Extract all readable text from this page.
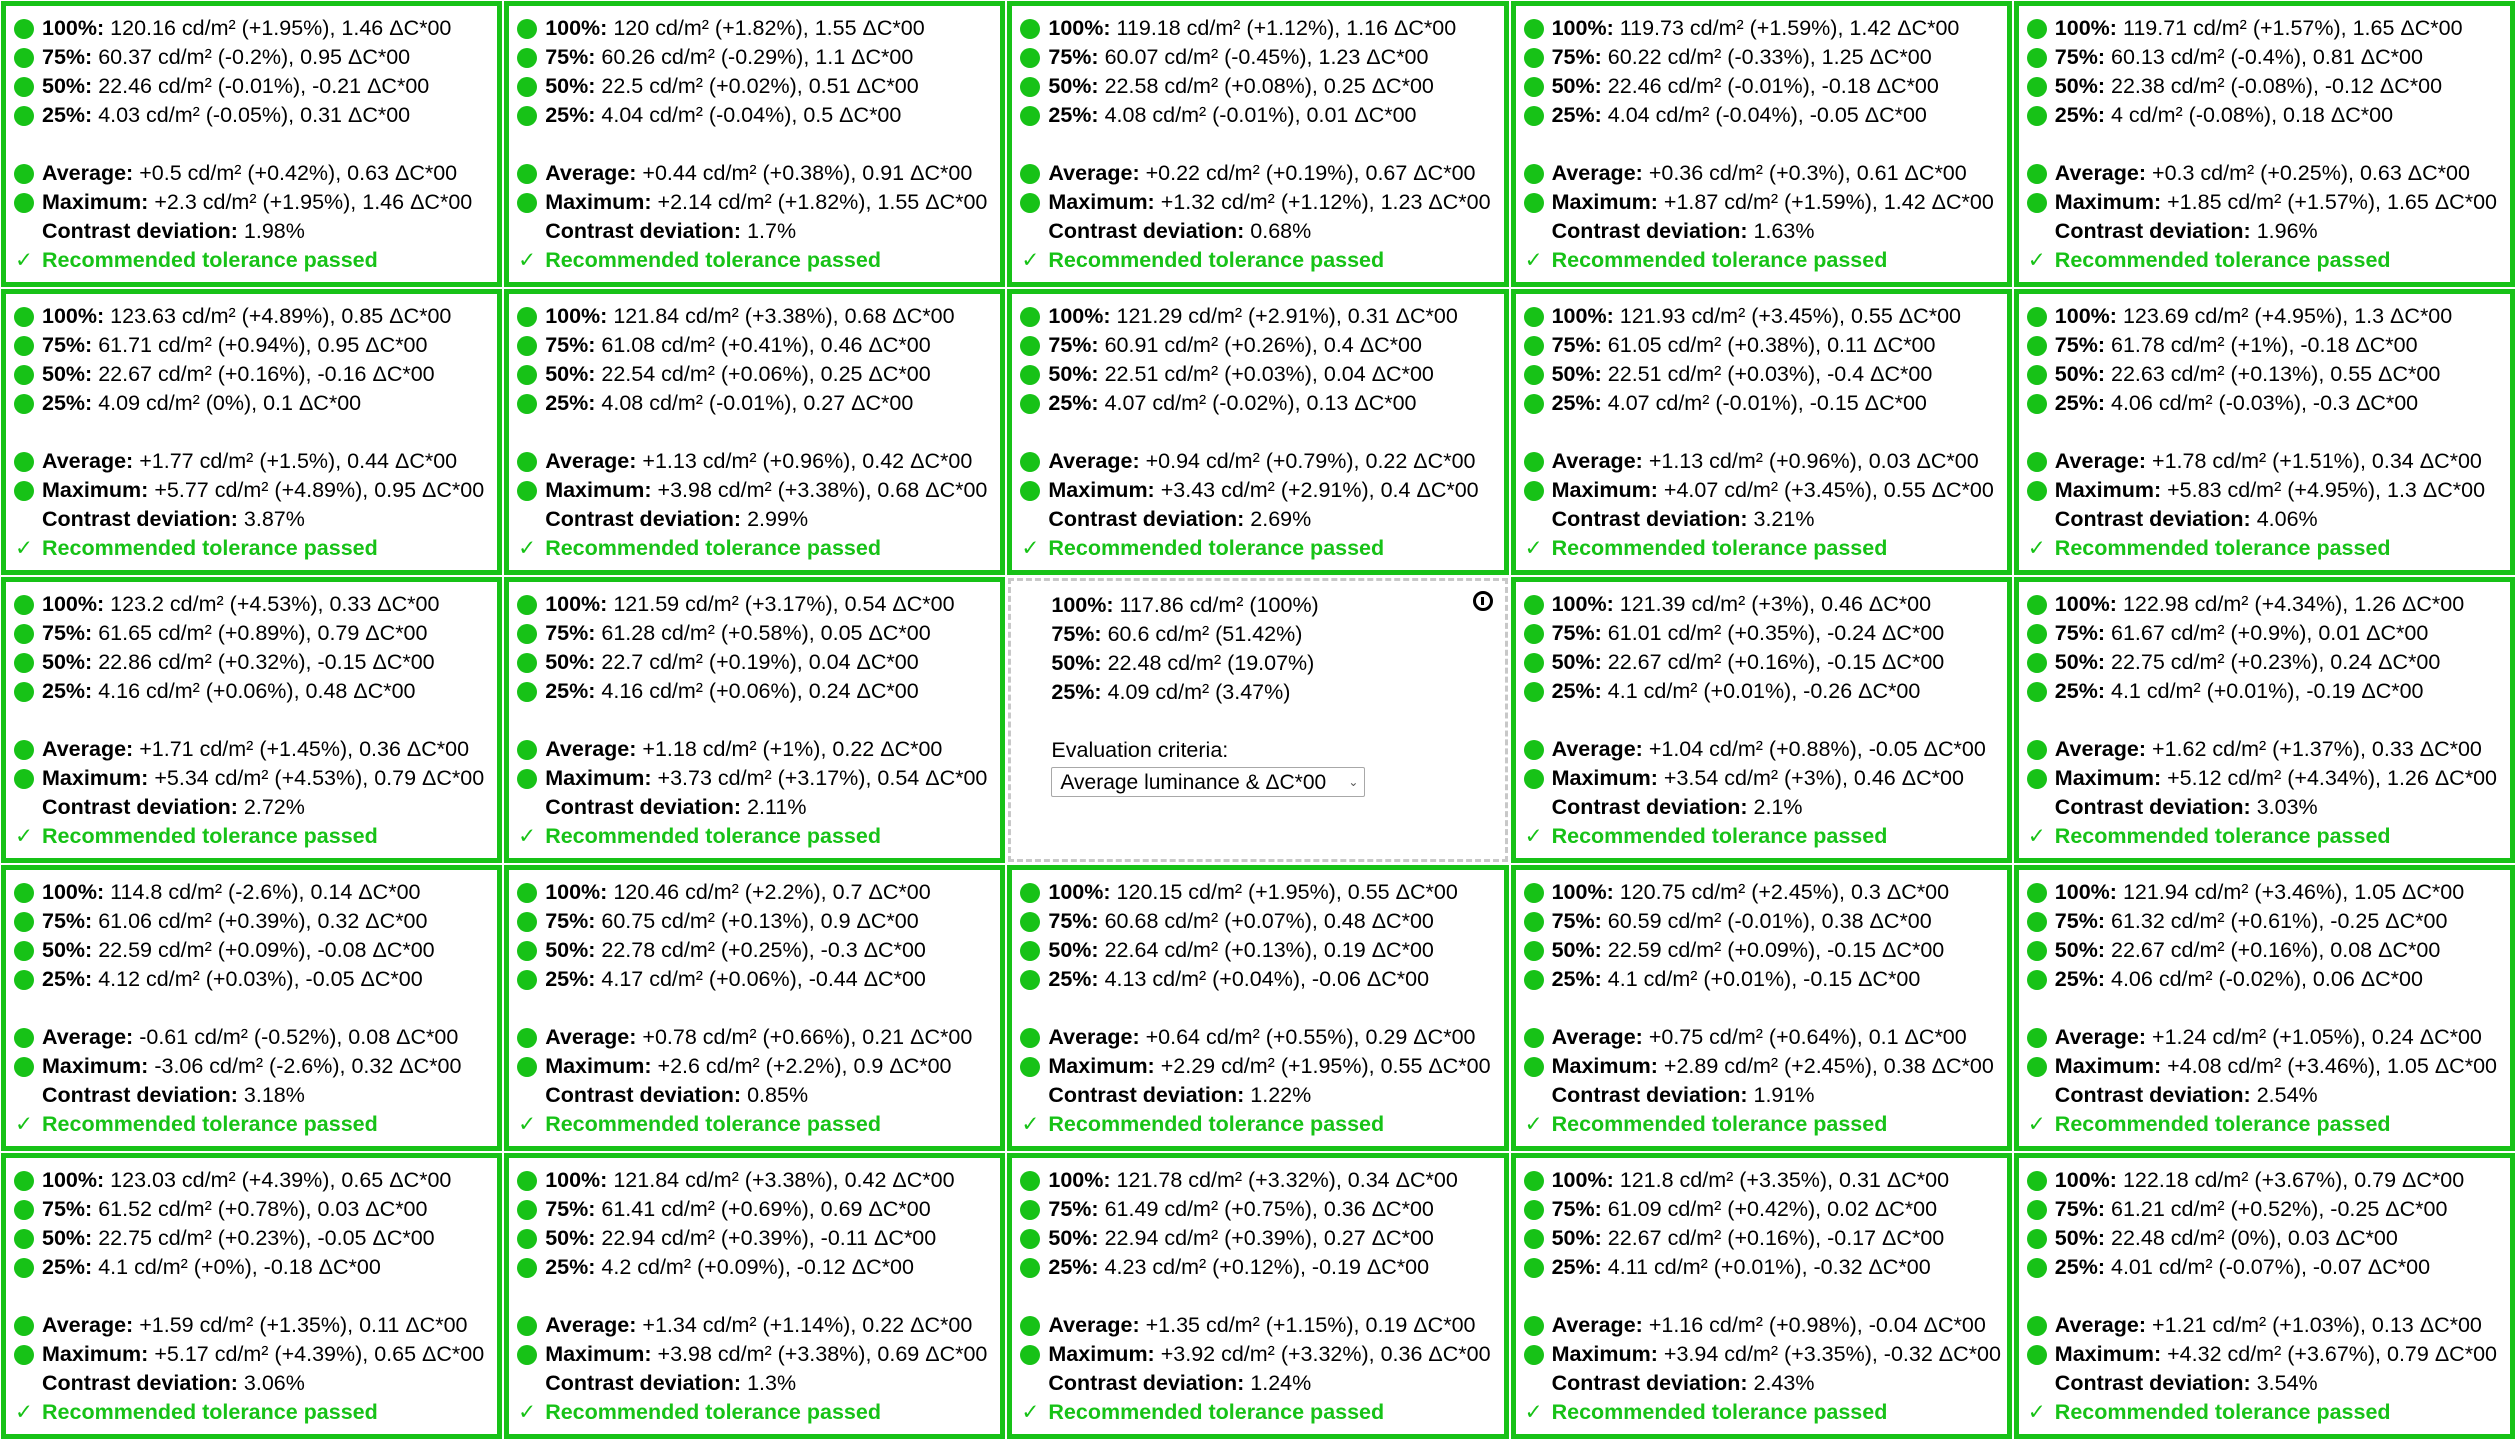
100%: 120.16 cd/m² (+1.95%), 1.46 ΔC*00
75%: 60.37 cd/m² (-0.2%), 0.95 ΔC*00
50%: 22.46 cd/m² (-0.01%), -0.21 ΔC*00
25%: 4.03 cd/m² (-0.05%), 0.31 ΔC*00
Average: +0.5 cd/m² (+0.42%), 0.63 ΔC*00
Maximum: +2.3 cd/m² (+1.95%), 1.46 ΔC*00
Contrast deviation: 1.98%
✓ Recommended tolerance passed
100%: 120 cd/m² (+1.82%), 1.55 ΔC*00
75%: 60.26 cd/m² (-0.29%), 1.1 ΔC*00
50%: 22.5 cd/m² (+0.02%), 0.51 ΔC*00
25%: 4.04 cd/m² (-0.04%), 0.5 ΔC*00
Average: +0.44 cd/m² (+0.38%), 0.91 ΔC*00
Maximum: +2.14 cd/m² (+1.82%), 1.55 ΔC*00
Contrast deviation: 1.7%
✓ Recommended tolerance passed
100%: 119.18 cd/m² (+1.12%), 1.16 ΔC*00
75%: 60.07 cd/m² (-0.45%), 1.23 ΔC*00
50%: 22.58 cd/m² (+0.08%), 0.25 ΔC*00
25%: 4.08 cd/m² (-0.01%), 0.01 ΔC*00
Average: +0.22 cd/m² (+0.19%), 0.67 ΔC*00
Maximum: +1.32 cd/m² (+1.12%), 1.23 ΔC*00
Contrast deviation: 0.68%
✓ Recommended tolerance passed
100%: 119.73 cd/m² (+1.59%), 1.42 ΔC*00
75%: 60.22 cd/m² (-0.33%), 1.25 ΔC*00
50%: 22.46 cd/m² (-0.01%), -0.18 ΔC*00
25%: 4.04 cd/m² (-0.04%), -0.05 ΔC*00
Average: +0.36 cd/m² (+0.3%), 0.61 ΔC*00
Maximum: +1.87 cd/m² (+1.59%), 1.42 ΔC*00
Contrast deviation: 1.63%
✓ Recommended tolerance passed
100%: 119.71 cd/m² (+1.57%), 1.65 ΔC*00
75%: 60.13 cd/m² (-0.4%), 0.81 ΔC*00
50%: 22.38 cd/m² (-0.08%), -0.12 ΔC*00
25%: 4 cd/m² (-0.08%), 0.18 ΔC*00
Average: +0.3 cd/m² (+0.25%), 0.63 ΔC*00
Maximum: +1.85 cd/m² (+1.57%), 1.65 ΔC*00
Contrast deviation: 1.96%
✓ Recommended tolerance passed
100%: 123.63 cd/m² (+4.89%), 0.85 ΔC*00
75%: 61.71 cd/m² (+0.94%), 0.95 ΔC*00
50%: 22.67 cd/m² (+0.16%), -0.16 ΔC*00
25%: 4.09 cd/m² (0%), 0.1 ΔC*00
Average: +1.77 cd/m² (+1.5%), 0.44 ΔC*00
Maximum: +5.77 cd/m² (+4.89%), 0.95 ΔC*00
Contrast deviation: 3.87%
✓ Recommended tolerance passed
100%: 121.84 cd/m² (+3.38%), 0.68 ΔC*00
75%: 61.08 cd/m² (+0.41%), 0.46 ΔC*00
50%: 22.54 cd/m² (+0.06%), 0.25 ΔC*00
25%: 4.08 cd/m² (-0.01%), 0.27 ΔC*00
Average: +1.13 cd/m² (+0.96%), 0.42 ΔC*00
Maximum: +3.98 cd/m² (+3.38%), 0.68 ΔC*00
Contrast deviation: 2.99%
✓ Recommended tolerance passed
100%: 121.29 cd/m² (+2.91%), 0.31 ΔC*00
75%: 60.91 cd/m² (+0.26%), 0.4 ΔC*00
50%: 22.51 cd/m² (+0.03%), 0.04 ΔC*00
25%: 4.07 cd/m² (-0.02%), 0.13 ΔC*00
Average: +0.94 cd/m² (+0.79%), 0.22 ΔC*00
Maximum: +3.43 cd/m² (+2.91%), 0.4 ΔC*00
Contrast deviation: 2.69%
✓ Recommended tolerance passed
100%: 121.93 cd/m² (+3.45%), 0.55 ΔC*00
75%: 61.05 cd/m² (+0.38%), 0.11 ΔC*00
50%: 22.51 cd/m² (+0.03%), -0.4 ΔC*00
25%: 4.07 cd/m² (-0.01%), -0.15 ΔC*00
Average: +1.13 cd/m² (+0.96%), 0.03 ΔC*00
Maximum: +4.07 cd/m² (+3.45%), 0.55 ΔC*00
Contrast deviation: 3.21%
✓ Recommended tolerance passed
100%: 123.69 cd/m² (+4.95%), 1.3 ΔC*00
75%: 61.78 cd/m² (+1%), -0.18 ΔC*00
50%: 22.63 cd/m² (+0.13%), 0.55 ΔC*00
25%: 4.06 cd/m² (-0.03%), -0.3 ΔC*00
Average: +1.78 cd/m² (+1.51%), 0.34 ΔC*00
Maximum: +5.83 cd/m² (+4.95%), 1.3 ΔC*00
Contrast deviation: 4.06%
✓ Recommended tolerance passed
100%: 123.2 cd/m² (+4.53%), 0.33 ΔC*00
75%: 61.65 cd/m² (+0.89%), 0.79 ΔC*00
50%: 22.86 cd/m² (+0.32%), -0.15 ΔC*00
25%: 4.16 cd/m² (+0.06%), 0.48 ΔC*00
Average: +1.71 cd/m² (+1.45%), 0.36 ΔC*00
Maximum: +5.34 cd/m² (+4.53%), 0.79 ΔC*00
Contrast deviation: 2.72%
✓ Recommended tolerance passed
100%: 121.59 cd/m² (+3.17%), 0.54 ΔC*00
75%: 61.28 cd/m² (+0.58%), 0.05 ΔC*00
50%: 22.7 cd/m² (+0.19%), 0.04 ΔC*00
25%: 4.16 cd/m² (+0.06%), 0.24 ΔC*00
Average: +1.18 cd/m² (+1%), 0.22 ΔC*00
Maximum: +3.73 cd/m² (+3.17%), 0.54 ΔC*00
Contrast deviation: 2.11%
✓ Recommended tolerance passed
100%: 117.86 cd/m² (100%)
75%: 60.6 cd/m² (51.42%)
50%: 22.48 cd/m² (19.07%)
25%: 4.09 cd/m² (3.47%)
Evaluation criteria:
Average luminance & ΔC*00	⌄
100%: 121.39 cd/m² (+3%), 0.46 ΔC*00
75%: 61.01 cd/m² (+0.35%), -0.24 ΔC*00
50%: 22.67 cd/m² (+0.16%), -0.15 ΔC*00
25%: 4.1 cd/m² (+0.01%), -0.26 ΔC*00
Average: +1.04 cd/m² (+0.88%), -0.05 ΔC*00
Maximum: +3.54 cd/m² (+3%), 0.46 ΔC*00
Contrast deviation: 2.1%
✓ Recommended tolerance passed
100%: 122.98 cd/m² (+4.34%), 1.26 ΔC*00
75%: 61.67 cd/m² (+0.9%), 0.01 ΔC*00
50%: 22.75 cd/m² (+0.23%), 0.24 ΔC*00
25%: 4.1 cd/m² (+0.01%), -0.19 ΔC*00
Average: +1.62 cd/m² (+1.37%), 0.33 ΔC*00
Maximum: +5.12 cd/m² (+4.34%), 1.26 ΔC*00
Contrast deviation: 3.03%
✓ Recommended tolerance passed
100%: 114.8 cd/m² (-2.6%), 0.14 ΔC*00
75%: 61.06 cd/m² (+0.39%), 0.32 ΔC*00
50%: 22.59 cd/m² (+0.09%), -0.08 ΔC*00
25%: 4.12 cd/m² (+0.03%), -0.05 ΔC*00
Average: -0.61 cd/m² (-0.52%), 0.08 ΔC*00
Maximum: -3.06 cd/m² (-2.6%), 0.32 ΔC*00
Contrast deviation: 3.18%
✓ Recommended tolerance passed
100%: 120.46 cd/m² (+2.2%), 0.7 ΔC*00
75%: 60.75 cd/m² (+0.13%), 0.9 ΔC*00
50%: 22.78 cd/m² (+0.25%), -0.3 ΔC*00
25%: 4.17 cd/m² (+0.06%), -0.44 ΔC*00
Average: +0.78 cd/m² (+0.66%), 0.21 ΔC*00
Maximum: +2.6 cd/m² (+2.2%), 0.9 ΔC*00
Contrast deviation: 0.85%
✓ Recommended tolerance passed
100%: 120.15 cd/m² (+1.95%), 0.55 ΔC*00
75%: 60.68 cd/m² (+0.07%), 0.48 ΔC*00
50%: 22.64 cd/m² (+0.13%), 0.19 ΔC*00
25%: 4.13 cd/m² (+0.04%), -0.06 ΔC*00
Average: +0.64 cd/m² (+0.55%), 0.29 ΔC*00
Maximum: +2.29 cd/m² (+1.95%), 0.55 ΔC*00
Contrast deviation: 1.22%
✓ Recommended tolerance passed
100%: 120.75 cd/m² (+2.45%), 0.3 ΔC*00
75%: 60.59 cd/m² (-0.01%), 0.38 ΔC*00
50%: 22.59 cd/m² (+0.09%), -0.15 ΔC*00
25%: 4.1 cd/m² (+0.01%), -0.15 ΔC*00
Average: +0.75 cd/m² (+0.64%), 0.1 ΔC*00
Maximum: +2.89 cd/m² (+2.45%), 0.38 ΔC*00
Contrast deviation: 1.91%
✓ Recommended tolerance passed
100%: 121.94 cd/m² (+3.46%), 1.05 ΔC*00
75%: 61.32 cd/m² (+0.61%), -0.25 ΔC*00
50%: 22.67 cd/m² (+0.16%), 0.08 ΔC*00
25%: 4.06 cd/m² (-0.02%), 0.06 ΔC*00
Average: +1.24 cd/m² (+1.05%), 0.24 ΔC*00
Maximum: +4.08 cd/m² (+3.46%), 1.05 ΔC*00
Contrast deviation: 2.54%
✓ Recommended tolerance passed
100%: 123.03 cd/m² (+4.39%), 0.65 ΔC*00
75%: 61.52 cd/m² (+0.78%), 0.03 ΔC*00
50%: 22.75 cd/m² (+0.23%), -0.05 ΔC*00
25%: 4.1 cd/m² (+0%), -0.18 ΔC*00
Average: +1.59 cd/m² (+1.35%), 0.11 ΔC*00
Maximum: +5.17 cd/m² (+4.39%), 0.65 ΔC*00
Contrast deviation: 3.06%
✓ Recommended tolerance passed
100%: 121.84 cd/m² (+3.38%), 0.42 ΔC*00
75%: 61.41 cd/m² (+0.69%), 0.69 ΔC*00
50%: 22.94 cd/m² (+0.39%), -0.11 ΔC*00
25%: 4.2 cd/m² (+0.09%), -0.12 ΔC*00
Average: +1.34 cd/m² (+1.14%), 0.22 ΔC*00
Maximum: +3.98 cd/m² (+3.38%), 0.69 ΔC*00
Contrast deviation: 1.3%
✓ Recommended tolerance passed
100%: 121.78 cd/m² (+3.32%), 0.34 ΔC*00
75%: 61.49 cd/m² (+0.75%), 0.36 ΔC*00
50%: 22.94 cd/m² (+0.39%), 0.27 ΔC*00
25%: 4.23 cd/m² (+0.12%), -0.19 ΔC*00
Average: +1.35 cd/m² (+1.15%), 0.19 ΔC*00
Maximum: +3.92 cd/m² (+3.32%), 0.36 ΔC*00
Contrast deviation: 1.24%
✓ Recommended tolerance passed
100%: 121.8 cd/m² (+3.35%), 0.31 ΔC*00
75%: 61.09 cd/m² (+0.42%), 0.02 ΔC*00
50%: 22.67 cd/m² (+0.16%), -0.17 ΔC*00
25%: 4.11 cd/m² (+0.01%), -0.32 ΔC*00
Average: +1.16 cd/m² (+0.98%), -0.04 ΔC*00
Maximum: +3.94 cd/m² (+3.35%), -0.32 ΔC*00
Contrast deviation: 2.43%
✓ Recommended tolerance passed
100%: 122.18 cd/m² (+3.67%), 0.79 ΔC*00
75%: 61.21 cd/m² (+0.52%), -0.25 ΔC*00
50%: 22.48 cd/m² (0%), 0.03 ΔC*00
25%: 4.01 cd/m² (-0.07%), -0.07 ΔC*00
Average: +1.21 cd/m² (+1.03%), 0.13 ΔC*00
Maximum: +4.32 cd/m² (+3.67%), 0.79 ΔC*00
Contrast deviation: 3.54%
✓ Recommended tolerance passed
